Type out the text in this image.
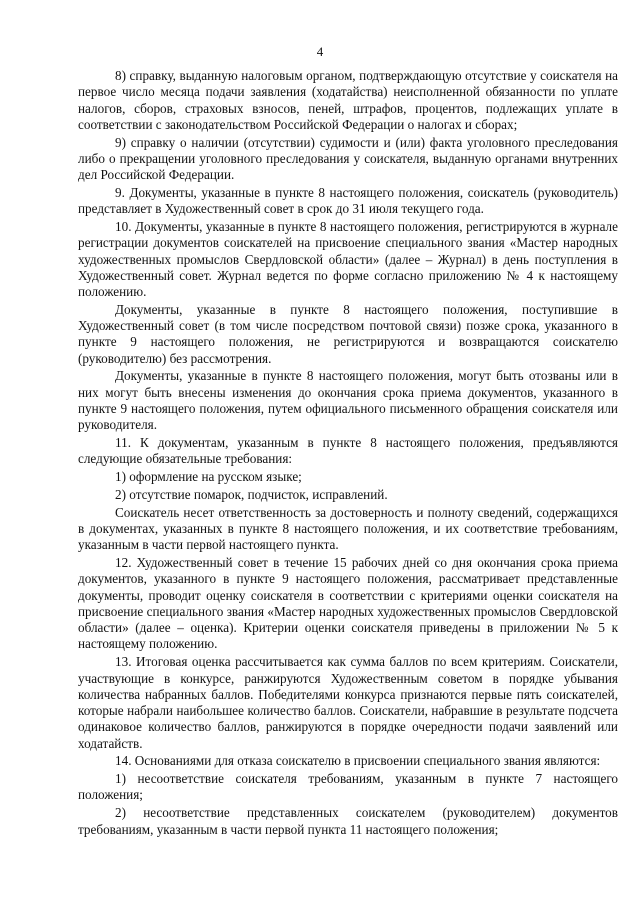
4

8) справку, выданную налоговым органом, подтверждающую отсутствие у соискателя на первое число месяца подачи заявления (ходатайства) неисполненной обязанности по уплате налогов, сборов, страховых взносов, пеней, штрафов, процентов, подлежащих уплате в соответствии с законодательством Российской Федерации о налогах и сборах;

9) справку о наличии (отсутствии) судимости и (или) факта уголовного преследования либо о прекращении уголовного преследования у соискателя, выданную органами внутренних дел Российской Федерации.

9. Документы, указанные в пункте 8 настоящего положения, соискатель (руководитель) представляет в Художественный совет в срок до 31 июля текущего года.

10. Документы, указанные в пункте 8 настоящего положения, регистрируются в журнале регистрации документов соискателей на присвоение специального звания «Мастер народных художественных промыслов Свердловской области» (далее – Журнал) в день поступления в Художественный совет. Журнал ведется по форме согласно приложению № 4 к настоящему положению.

Документы, указанные в пункте 8 настоящего положения, поступившие в Художественный совет (в том числе посредством почтовой связи) позже срока, указанного в пункте 9 настоящего положения, не регистрируются и возвращаются соискателю (руководителю) без рассмотрения.

Документы, указанные в пункте 8 настоящего положения, могут быть отозваны или в них могут быть внесены изменения до окончания срока приема документов, указанного в пункте 9 настоящего положения, путем официального письменного обращения соискателя или руководителя.

11. К документам, указанным в пункте 8 настоящего положения, предъявляются следующие обязательные требования:

1) оформление на русском языке;

2) отсутствие помарок, подчисток, исправлений.

Соискатель несет ответственность за достоверность и полноту сведений, содержащихся в документах, указанных в пункте 8 настоящего положения, и их соответствие требованиям, указанным в части первой настоящего пункта.

12. Художественный совет в течение 15 рабочих дней со дня окончания срока приема документов, указанного в пункте 9 настоящего положения, рассматривает представленные документы, проводит оценку соискателя в соответствии с критериями оценки соискателя на присвоение специального звания «Мастер народных художественных промыслов Свердловской области» (далее – оценка). Критерии оценки соискателя приведены в приложении № 5 к настоящему положению.

13. Итоговая оценка рассчитывается как сумма баллов по всем критериям. Соискатели, участвующие в конкурсе, ранжируются Художественным советом в порядке убывания количества набранных баллов. Победителями конкурса признаются первые пять соискателей, которые набрали наибольшее количество баллов. Соискатели, набравшие в результате подсчета одинаковое количество баллов, ранжируются в порядке очередности подачи заявлений или ходатайств.

14. Основаниями для отказа соискателю в присвоении специального звания являются:

1) несоответствие соискателя требованиям, указанным в пункте 7 настоящего положения;

2) несоответствие представленных соискателем (руководителем) документов требованиям, указанным в части первой пункта 11 настоящего положения;
